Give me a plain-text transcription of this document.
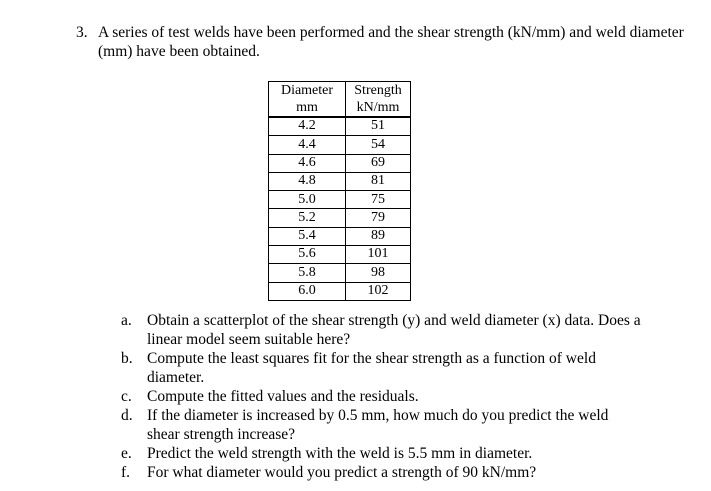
3. A series of test welds have been performed and the shear strength (kN/mm) and weld diameter (mm) have been obtained.
Diameter	Strength
mm	kN/mm
4.2	51
4.4	54
4.6	69
4.8	81
5.0	75
5.2	79
5.4	89
5.6	101
5.8	98
6.0	102
a. Obtain a scatterplot of the shear strength (y) and weld diameter (x) data. Does a linear model seem suitable here?
b. Compute the least squares fit for the shear strength as a function of weld diameter.
c. Compute the fitted values and the residuals.
d. If the diameter is increased by 0.5 mm, how much do you predict the weld shear strength increase?
e. Predict the weld strength with the weld is 5.5 mm in diameter.
f.	For what diameter would you predict a strength of 90 kN/mm?
